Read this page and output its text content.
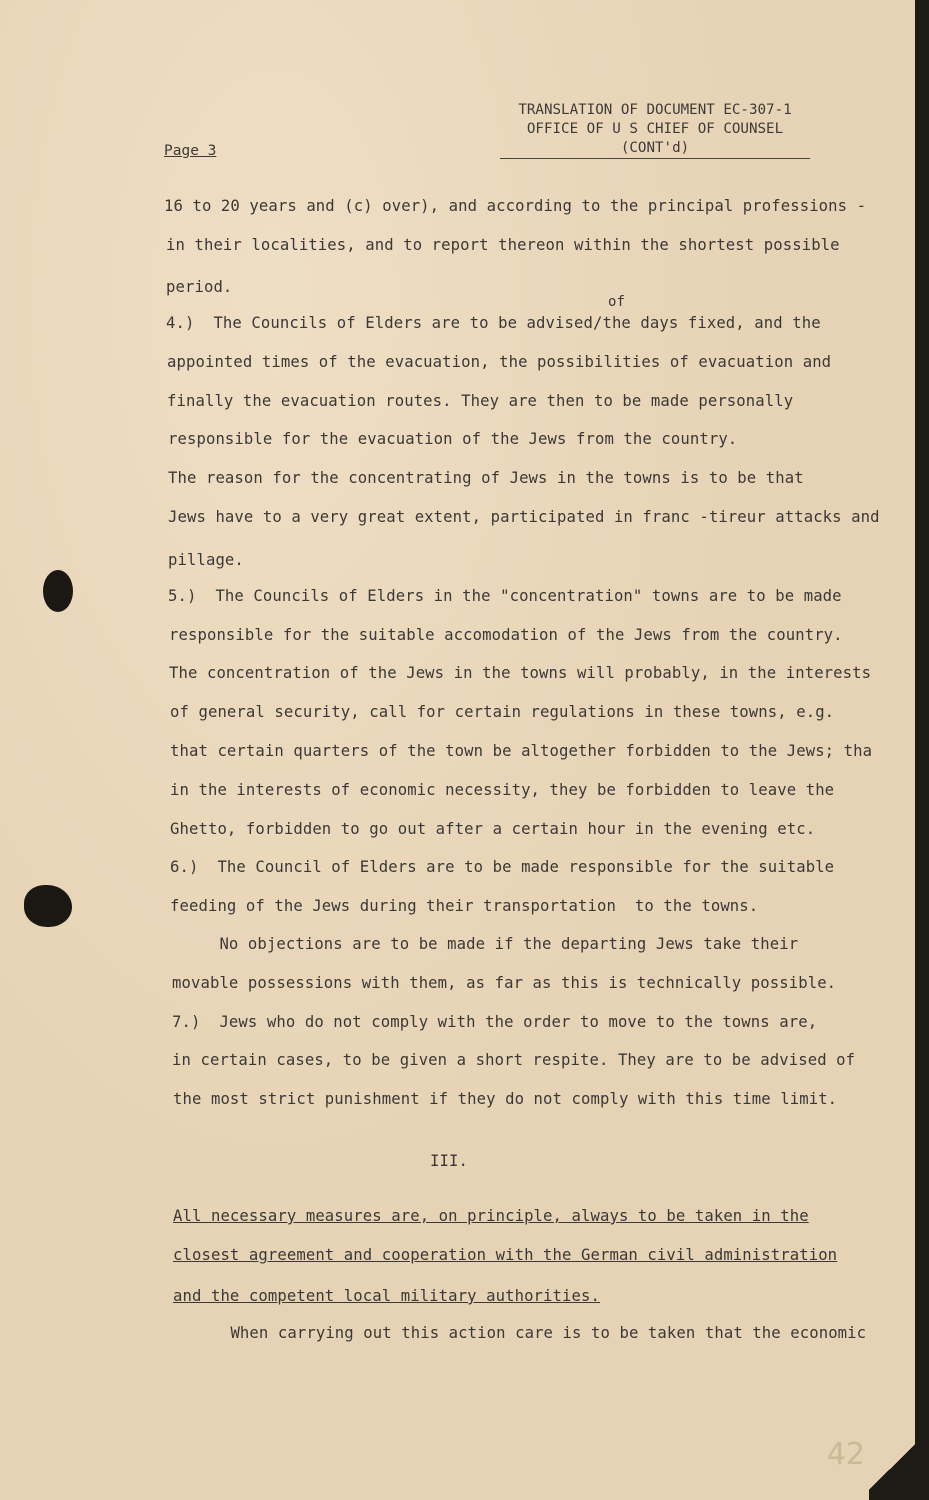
TRANSLATION OF DOCUMENT EC-307-1
OFFICE OF U S CHIEF OF COUNSEL
(CONT'd)
Page 3
16 to 20 years and (c) over), and according to the principal professions -
in their localities, and to report thereon within the shortest possible
period.
of
4.)  The Councils of Elders are to be advised/the days fixed, and the
appointed times of the evacuation, the possibilities of evacuation and
finally the evacuation routes. They are then to be made personally
responsible for the evacuation of the Jews from the country.
The reason for the concentrating of Jews in the towns is to be that
Jews have to a very great extent, participated in franc -tireur attacks and
pillage.
5.)  The Councils of Elders in the "concentration" towns are to be made
responsible for the suitable accomodation of the Jews from the country.
The concentration of the Jews in the towns will probably, in the interests
of general security, call for certain regulations in these towns, e.g.
that certain quarters of the town be altogether forbidden to the Jews; tha
in the interests of economic necessity, they be forbidden to leave the
Ghetto, forbidden to go out after a certain hour in the evening etc.
6.)  The Council of Elders are to be made responsible for the suitable
feeding of the Jews during their transportation  to the towns.
No objections are to be made if the departing Jews take their
movable possessions with them, as far as this is technically possible.
7.)  Jews who do not comply with the order to move to the towns are,
in certain cases, to be given a short respite. They are to be advised of
the most strict punishment if they do not comply with this time limit.
III.
All necessary measures are, on principle, always to be taken in the
closest agreement and cooperation with the German civil administration
and the competent local military authorities.
When carrying out this action care is to be taken that the economic
42
